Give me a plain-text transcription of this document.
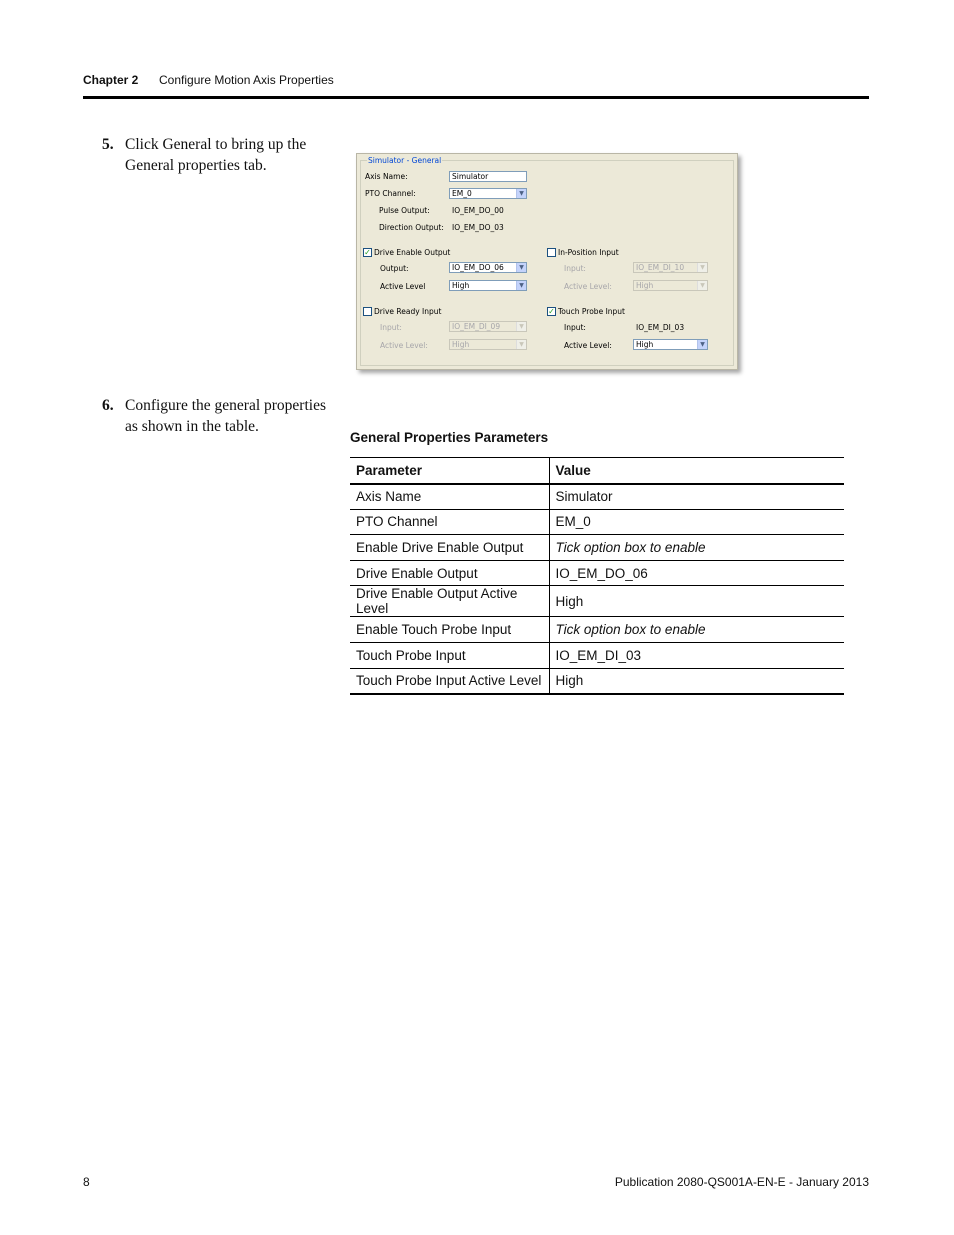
Chapter 2 Configure Motion Axis Properties
5. Click General to bring up the General properties tab.	Simulator - General
Axis Name:	Simulator
PTO Channel:	EM_0	▼
Pulse Output:	IO_EM_DO_00
Direction Output: IO_EM_DO_03
✓ Drive Enable Output
Output:	IO_EM_DO_06	▼
Active Level	High	▼
In-Position Input
Input:	IO_EM_DI_10	▼
Active Level:	High	▼
Drive Ready Input
Input:	IO_EM_DI_09	▼
Active Level:	High	▼
✓ Touch Probe Input
Input:	IO_EM_DI_03
Active Level:	High	▼
6. Configure the general properties as shown in the table.
General Properties Parameters
Parameter	Value
Axis Name	Simulator
PTO Channel	EM_0
Enable Drive Enable Output	Tick option box to enable
Drive Enable Output	IO_EM_DO_06
Drive Enable Output Active Level	High
Enable Touch Probe Input	Tick option box to enable
Touch Probe Input	IO_EM_DI_03
Touch Probe Input Active Level	High
8	Publication 2080-QS001A-EN-E - January 2013
